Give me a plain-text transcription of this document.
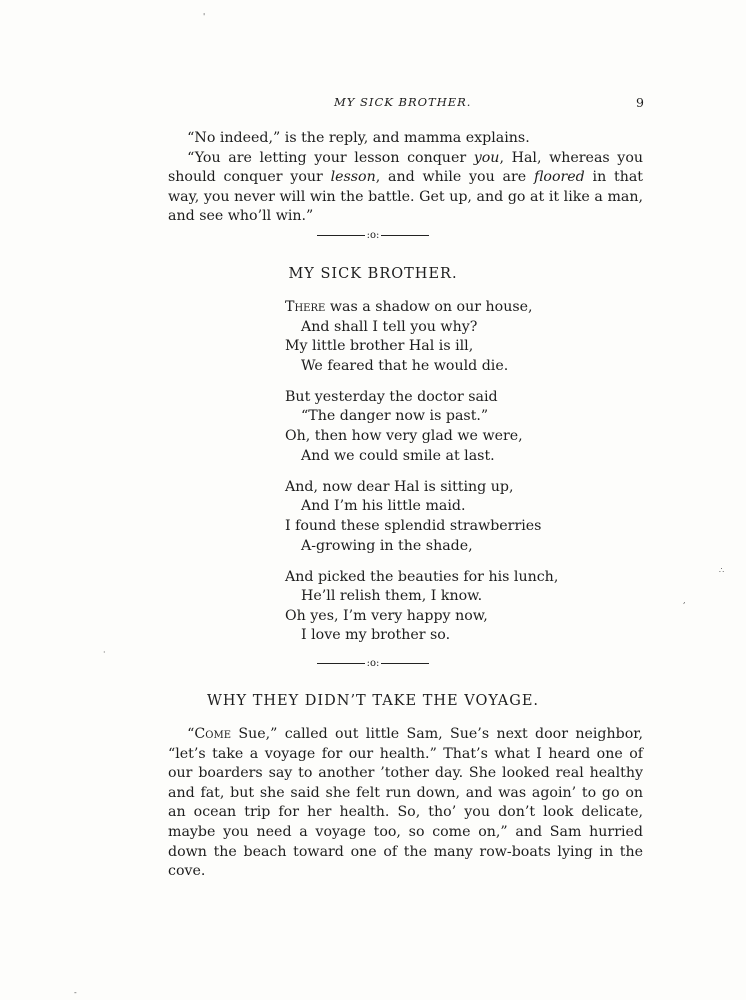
MY SICK BROTHER.	9

“No indeed,” is the reply, and mamma explains.

“You are letting your lesson conquer you, Hal, whereas you should conquer your lesson, and while you are floored in that way, you never will win the battle. Get up, and go at it like a man, and see who’ll win.”

:o:
MY SICK BROTHER.
There was a shadow on our house,
And shall I tell you why?
My little brother Hal is ill,
We feared that he would die.
But yesterday the doctor said
“The danger now is past.”
Oh, then how very glad we were,
And we could smile at last.
And, now dear Hal is sitting up,
And I’m his little maid.
I found these splendid strawberries
A-growing in the shade,
And picked the beauties for his lunch,
He’ll relish them, I know.
Oh yes, I’m very happy now,
I love my brother so.
:o:
WHY THEY DIDN’T TAKE THE VOYAGE.

“Come Sue,” called out little Sam, Sue’s next door neighbor, “let’s take a voyage for our health.” That’s what I heard one of our boarders say to another ’tother day. She looked real healthy and fat, but she said she felt run down, and was agoin’ to go on an ocean trip for her health. So, tho’ you don’t look delicate, maybe you need a voyage too, so come on,” and Sam hurried down the beach toward one of the many row-boats lying in the cove.

'
·
∴
,
-
